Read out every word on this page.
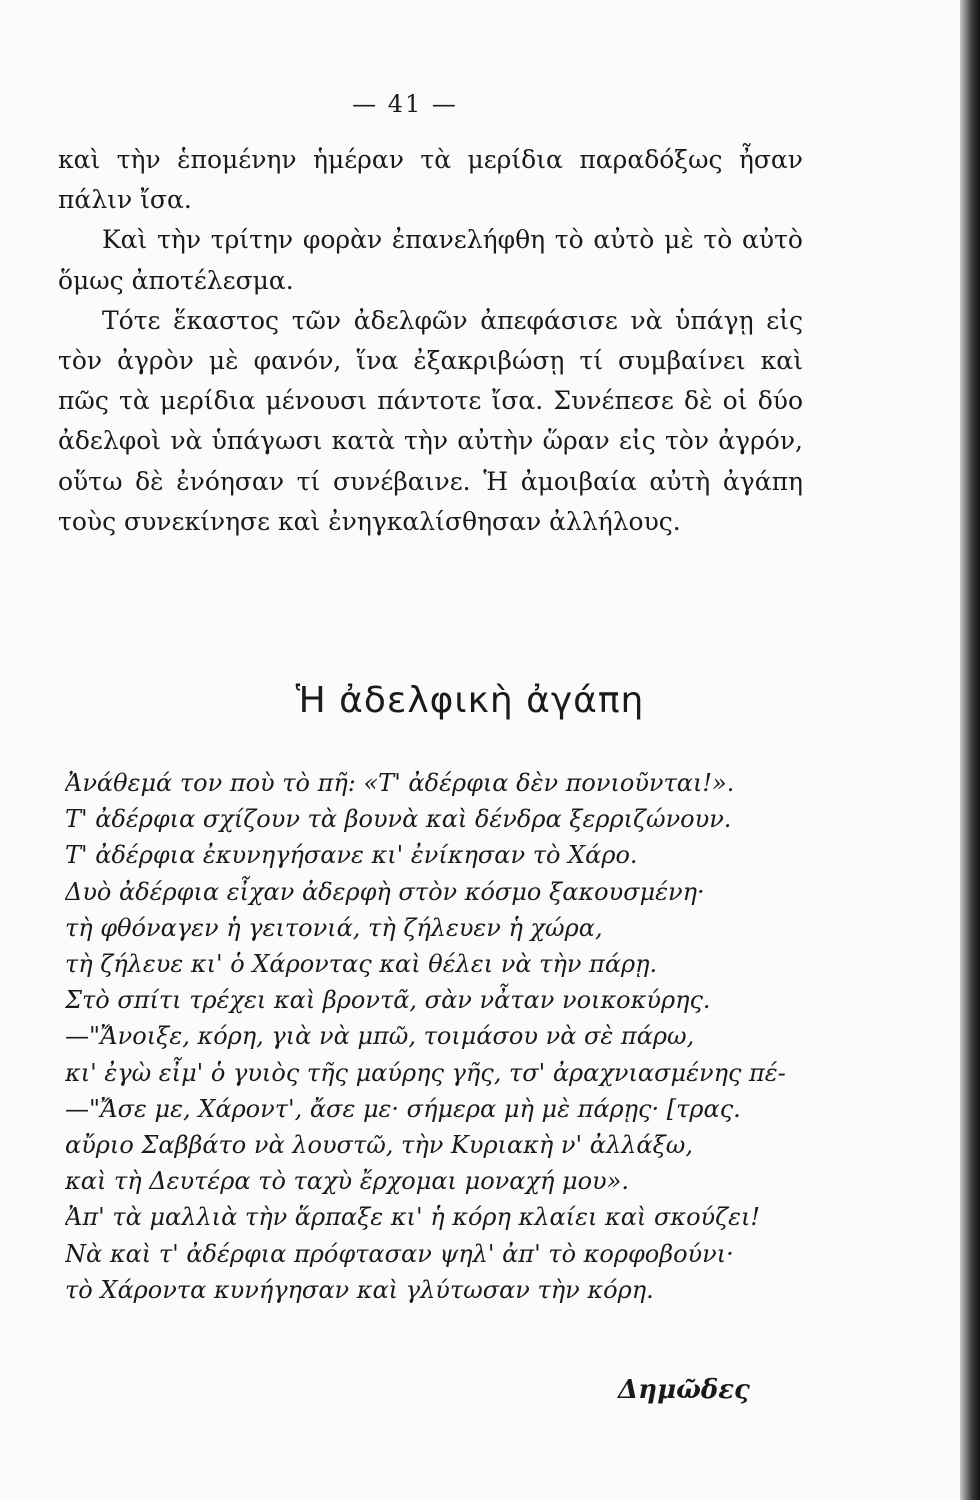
— 41 —

καὶ τὴν ἑπομένην ἡμέραν τὰ μερίδια παραδόξως ἦσαν πάλιν ἴσα.

Καὶ τὴν τρίτην φορὰν ἐπανελήφθη τὸ αὐτὸ μὲ τὸ αὐτὸ ὅμως ἀποτέλεσμα.

Τότε ἕκαστος τῶν ἀδελφῶν ἀπεφάσισε νὰ ὑπάγῃ εἰς τὸν ἀγρὸν μὲ φανόν, ἵνα ἐξακριβώσῃ τί συμβαίνει καὶ πῶς τὰ μερίδια μένουσι πάντοτε ἴσα. Συνέπεσε δὲ οἱ δύο ἀδελφοὶ νὰ ὑπάγωσι κατὰ τὴν αὐτὴν ὥραν εἰς τὸν ἀγρόν, οὕτω δὲ ἐνόησαν τί συνέβαινε. Ἡ ἀμοιβαία αὐτὴ ἀγάπη τοὺς συνεκίνησε καὶ ἐνηγκαλίσθησαν ἀλλήλους.

Ἡ ἀδελφικὴ ἀγάπη
Ἀνάθεμά τον ποὺ τὸ πῆ: «Τ' ἀδέρφια δὲν πονιοῦνται!».
Τ' ἀδέρφια σχίζουν τὰ βουνὰ καὶ δένδρα ξερριζώνουν.
Τ' ἀδέρφια ἐκυνηγήσανε κι' ἐνίκησαν τὸ Χάρο.
Δυὸ ἀδέρφια εἶχαν ἀδερφὴ στὸν κόσμο ξακουσμένη·
τὴ φθόναγεν ἡ γειτονιά, τὴ ζήλευεν ἡ χώρα,
τὴ ζήλευε κι' ὁ Χάροντας καὶ θέλει νὰ τὴν πάρῃ.
Στὸ σπίτι τρέχει καὶ βροντᾶ, σὰν νἆταν νοικοκύρης.
—"Ἄνοιξε, κόρη, γιὰ νὰ μπῶ, τοιμάσου νὰ σὲ πάρω,
κι' ἐγὼ εἶμ' ὁ γυιὸς τῆς μαύρης γῆς, τσ' ἀραχνιασμένης πέ-
—"Ἄσε με, Χάροντ', ἄσε με· σήμερα μὴ μὲ πάρῃς· [τρας.
αὔριο Σαββάτο νὰ λουστῶ, τὴν Κυριακὴ ν' ἀλλάξω,
καὶ τὴ Δευτέρα τὸ ταχὺ ἔρχομαι μοναχή μου».
Ἀπ' τὰ μαλλιὰ τὴν ἅρπαξε κι' ἡ κόρη κλαίει καὶ σκούζει!
Νὰ καὶ τ' ἀδέρφια πρόφτασαν ψηλ' ἀπ' τὸ κορφοβούνι·
τὸ Χάροντα κυνήγησαν καὶ γλύτωσαν τὴν κόρη.
Δημῶδες
